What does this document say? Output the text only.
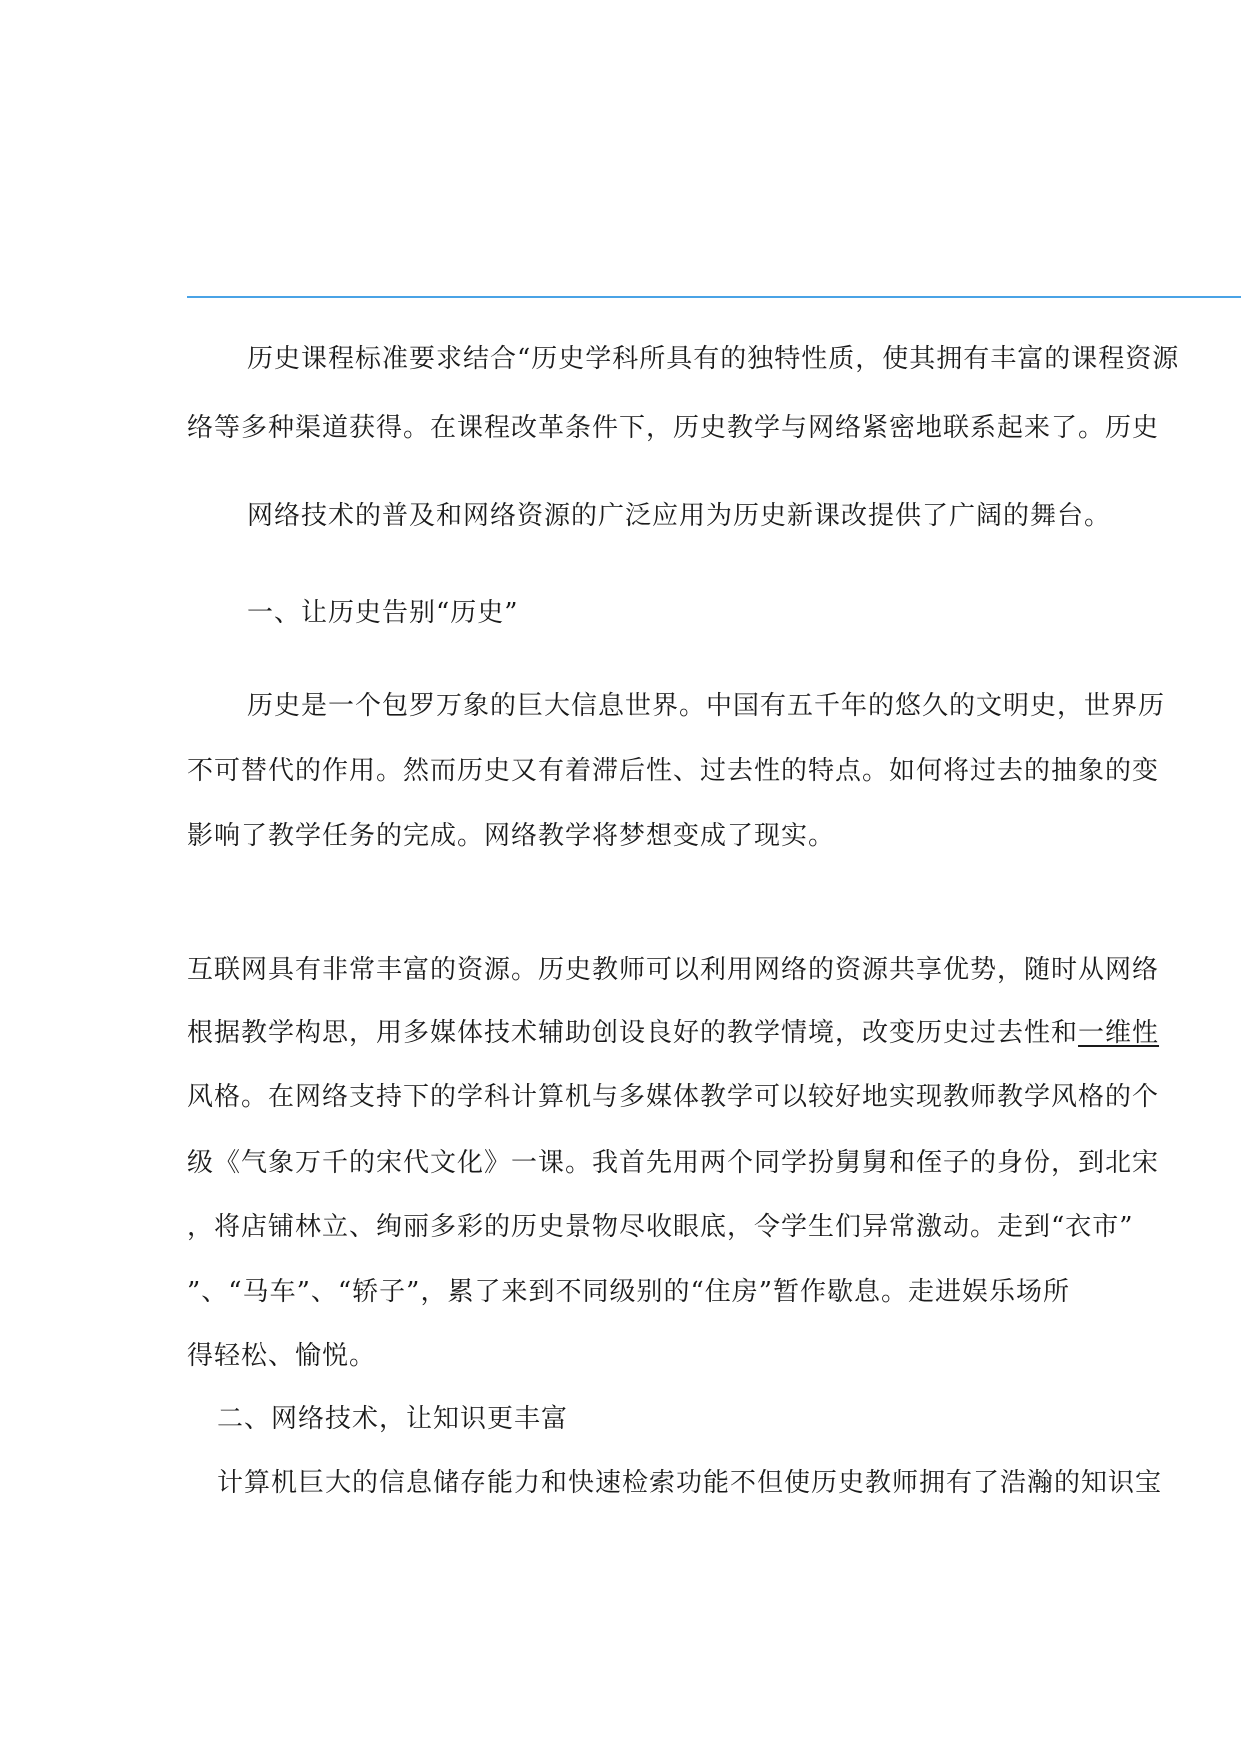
历史课程标准要求结合“历史学科所具有的独特性质，使其拥有丰富的课程资源
络等多种渠道获得。在课程改革条件下，历史教学与网络紧密地联系起来了。历史
网络技术的普及和网络资源的广泛应用为历史新课改提供了广阔的舞台。
一、让历史告别“历史”
历史是一个包罗万象的巨大信息世界。中国有五千年的悠久的文明史，世界历
不可替代的作用。然而历史又有着滞后性、过去性的特点。如何将过去的抽象的变
影响了教学任务的完成。网络教学将梦想变成了现实。
互联网具有非常丰富的资源。历史教师可以利用网络的资源共享优势，随时从网络
根据教学构思，用多媒体技术辅助创设良好的教学情境，改变历史过去性和一维性
风格。在网络支持下的学科计算机与多媒体教学可以较好地实现教师教学风格的个
级《气象万千的宋代文化》一课。我首先用两个同学扮舅舅和侄子的身份，到北宋
，将店铺林立、绚丽多彩的历史景物尽收眼底，令学生们异常激动。走到“衣市”
”、“马车”、“轿子”，累了来到不同级别的“住房”暂作歇息。走进娱乐场所
得轻松、愉悦。
二、网络技术，让知识更丰富
计算机巨大的信息储存能力和快速检索功能不但使历史教师拥有了浩瀚的知识宝
